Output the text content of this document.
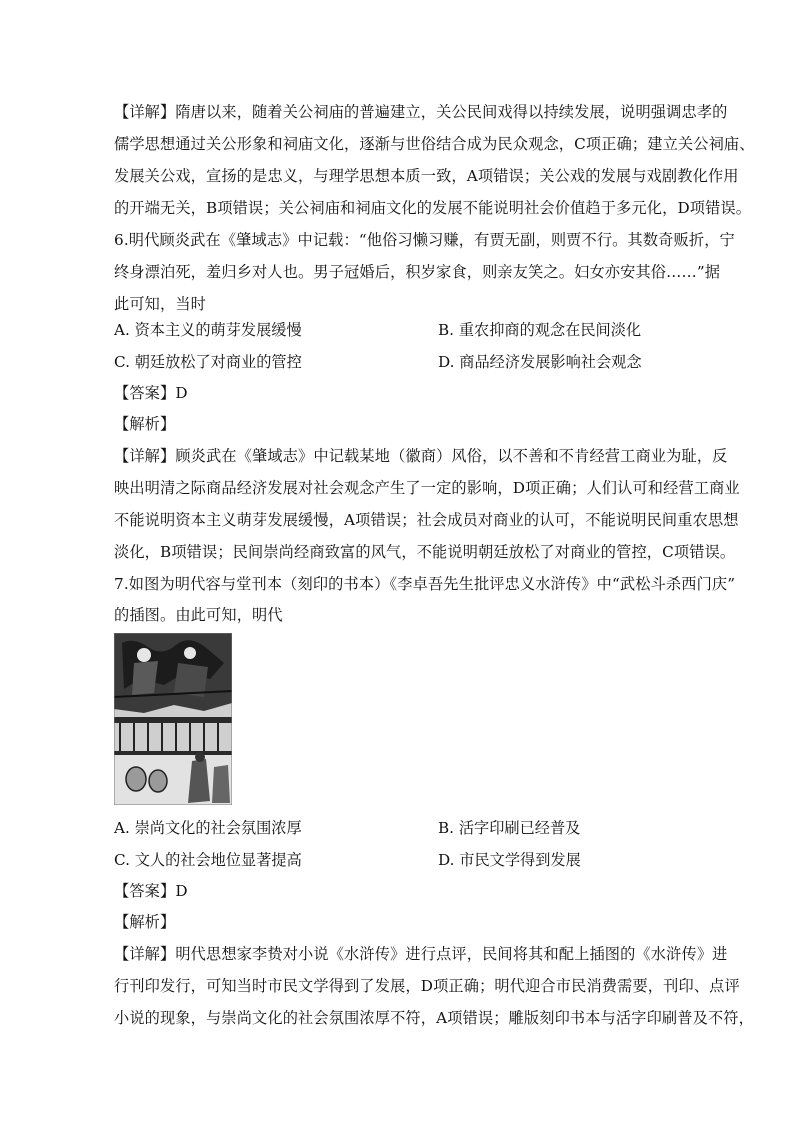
【详解】隋唐以来，随着关公祠庙的普遍建立，关公民间戏得以持续发展，说明强调忠孝的
儒学思想通过关公形象和祠庙文化，逐渐与世俗结合成为民众观念，C项正确；建立关公祠庙、
发展关公戏，宣扬的是忠义，与理学思想本质一致，A项错误；关公戏的发展与戏剧教化作用
的开端无关，B项错误；关公祠庙和祠庙文化的发展不能说明社会价值趋于多元化，D项错误。
6.明代顾炎武在《肇域志》中记载：“他俗习懒习赚，有贾无副，则贾不行。其数奇贩折，宁
终身漂泊死，羞归乡对人也。男子冠婚后，积岁家食，则亲友笑之。妇女亦安其俗……”据
此可知，当时
A. 资本主义的萌芽发展缓慢	B. 重农抑商的观念在民间淡化
C. 朝廷放松了对商业的管控	D. 商品经济发展影响社会观念
【答案】D
【解析】
【详解】顾炎武在《肇域志》中记载某地（徽商）风俗，以不善和不肯经营工商业为耻，反
映出明清之际商品经济发展对社会观念产生了一定的影响，D项正确；人们认可和经营工商业
不能说明资本主义萌芽发展缓慢，A项错误；社会成员对商业的认可，不能说明民间重农思想
淡化，B项错误；民间崇尚经商致富的风气，不能说明朝廷放松了对商业的管控，C项错误。
7.如图为明代容与堂刊本（刻印的书本）《李卓吾先生批评忠义水浒传》中“武松斗杀西门庆”
的插图。由此可知，明代
A. 崇尚文化的社会氛围浓厚	B. 活字印刷已经普及
C. 文人的社会地位显著提高	D. 市民文学得到发展
【答案】D
【解析】
【详解】明代思想家李贽对小说《水浒传》进行点评，民间将其和配上插图的《水浒传》进
行刊印发行，可知当时市民文学得到了发展，D项正确；明代迎合市民消费需要，刊印、点评
小说的现象，与崇尚文化的社会氛围浓厚不符，A项错误；雕版刻印书本与活字印刷普及不符，
